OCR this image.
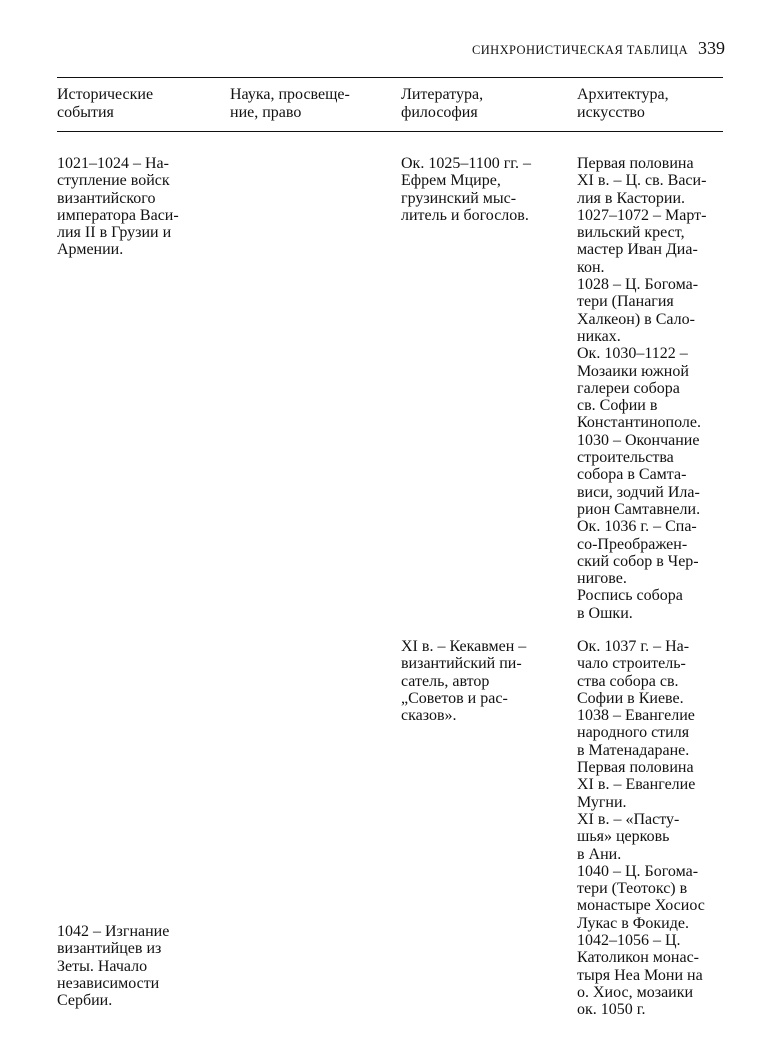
СИНХРОНИСТИЧЕСКАЯ ТАБЛИЦА 339
Исторические
события
Наука, просвеще-
ние, право
Литература,
философия
Архитектура,
искусство
1021–1024 – На-
ступление войск
византийского
императора Васи-
лия II в Грузии и
Армении.
1042 – Изгнание
византийцев из
Зеты. Начало
независимости
Сербии.
Ок. 1025–1100 гг. –
Ефрем Мцире,
грузинский мыс-
литель и богослов.
XI в. – Кекавмен –
византийский пи-
сатель, автор
„Советов и рас-
сказов».
Первая половина
XI в. – Ц. св. Васи-
лия в Кастории.
1027–1072 – Март-
вильский крест,
мастер Иван Диа-
кон.
1028 – Ц. Богома-
тери (Панагия
Халкеон) в Сало-
никах.
Ок. 1030–1122 –
Мозаики южной
галереи собора
св. Софии в
Константинополе.
1030 – Окончание
строительства
собора в Самта-
виси, зодчий Ила-
рион Самтавнели.
Ок. 1036 г. – Спа-
со-Преображен-
ский собор в Чер-
нигове.
Роспись собора
в Ошки.
Ок. 1037 г. – На-
чало строитель-
ства собора св.
Софии в Киеве.
1038 – Евангелие
народного стиля
в Матенадаране.
Первая половина
XI в. – Евангелие
Мугни.
XI в. – «Пасту-
шья» церковь
в Ани.
1040 – Ц. Богома-
тери (Теотокс) в
монастыре Хосиос
Лукас в Фокиде.
1042–1056 – Ц.
Католикон монас-
тыря Неа Мони на
о. Хиос, мозаики
ок. 1050 г.
